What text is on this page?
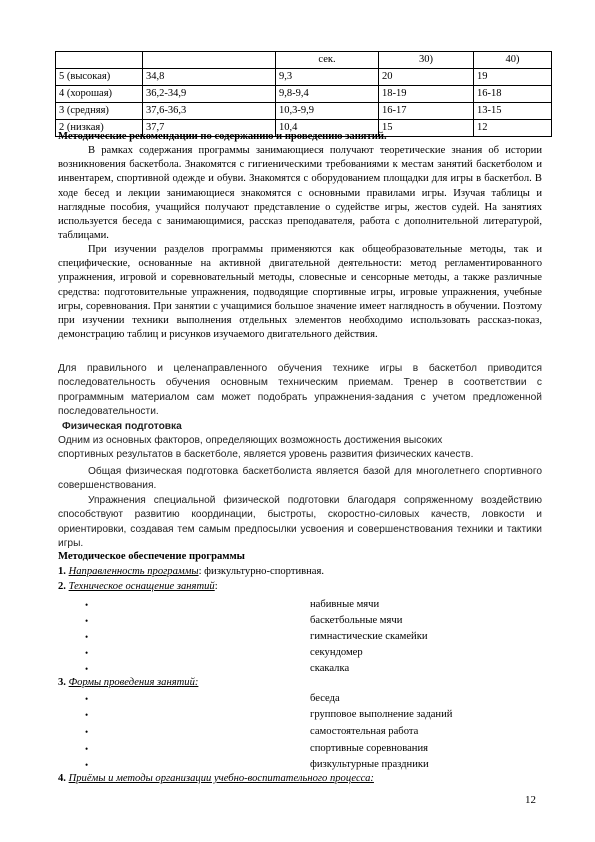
		сек.	30)	40)
5 (высокая)	34,8	9,3	20	19
4 (хорошая)	36,2-34,9	9,8-9,4	18-19	16-18
3 (средняя)	37,6-36,3	10,3-9,9	16-17	13-15
2 (низкая)	37,7	10,4	15	12
Методические рекомендации по содержанию и проведению занятий.
В рамках содержания программы занимающиеся получают теоретические знания об истории возникновения баскетбола. Знакомятся с гигиеническими требованиями к местам занятий баскетболом и инвентарем, спортивной одежде и обуви. Знакомятся с оборудованием площадки для игры в баскетбол. В ходе бесед и лекции занимающиеся знакомятся с основными правилами игры. Изучая таблицы и наглядные пособия, учащийся получают представление о судействе игры, жестов судей. На занятиях используется беседа с занимающимися, рассказ преподавателя, работа с дополнительной литературой, таблицами.
При изучении разделов программы применяются как общеобразовательные методы, так и специфические, основанные на активной двигательной деятельности: метод регламентированного упражнения, игровой и соревновательный методы, словесные и сенсорные методы, а также различные средства: подготовительные упражнения, подводящие спортивные игры, игровые упражнения, учебные игры, соревнования. При занятии с учащимися большое значение имеет наглядность в обучении. Поэтому при изучении техники выполнения отдельных элементов необходимо использовать рассказ-показ, демонстрацию таблиц и рисунков изучаемого двигательного действия.
Для правильного и целенаправленного обучения технике игры в баскетбол приводится последовательность обучения основным техническим приемам. Тренер в соответствии с программным материалом сам может подобрать упражнения-задания с учетом предложенной последовательности.
Физическая подготовка
Одним из основных факторов, определяющих возможность достижения высоких спортивных результатов в баскетболе, является уровень развития физических качеств.
Общая физическая подготовка баскетболиста является базой для многолетнего спортивного совершенствования.
Упражнения специальной физической подготовки благодаря сопряженному воздействию способствуют развитию координации, быстроты, скоростно-силовых качеств, ловкости и ориентировки, создавая тем самым предпосылки усвоения и совершенствования техники и тактики игры.
Методическое обеспечение программы
1. Направленность программы: физкультурно-спортивная.
2. Техническое оснащение занятий:
•	набивные мячи
•	баскетбольные мячи
•	гимнастические скамейки
•	секундомер
•	скакалка
3. Формы проведения занятий:
•	беседа
•	групповое выполнение заданий
•	самостоятельная работа
•	спортивные соревнования
•	физкультурные праздники
4. Приёмы и методы организации учебно-воспитательного процесса:
12
